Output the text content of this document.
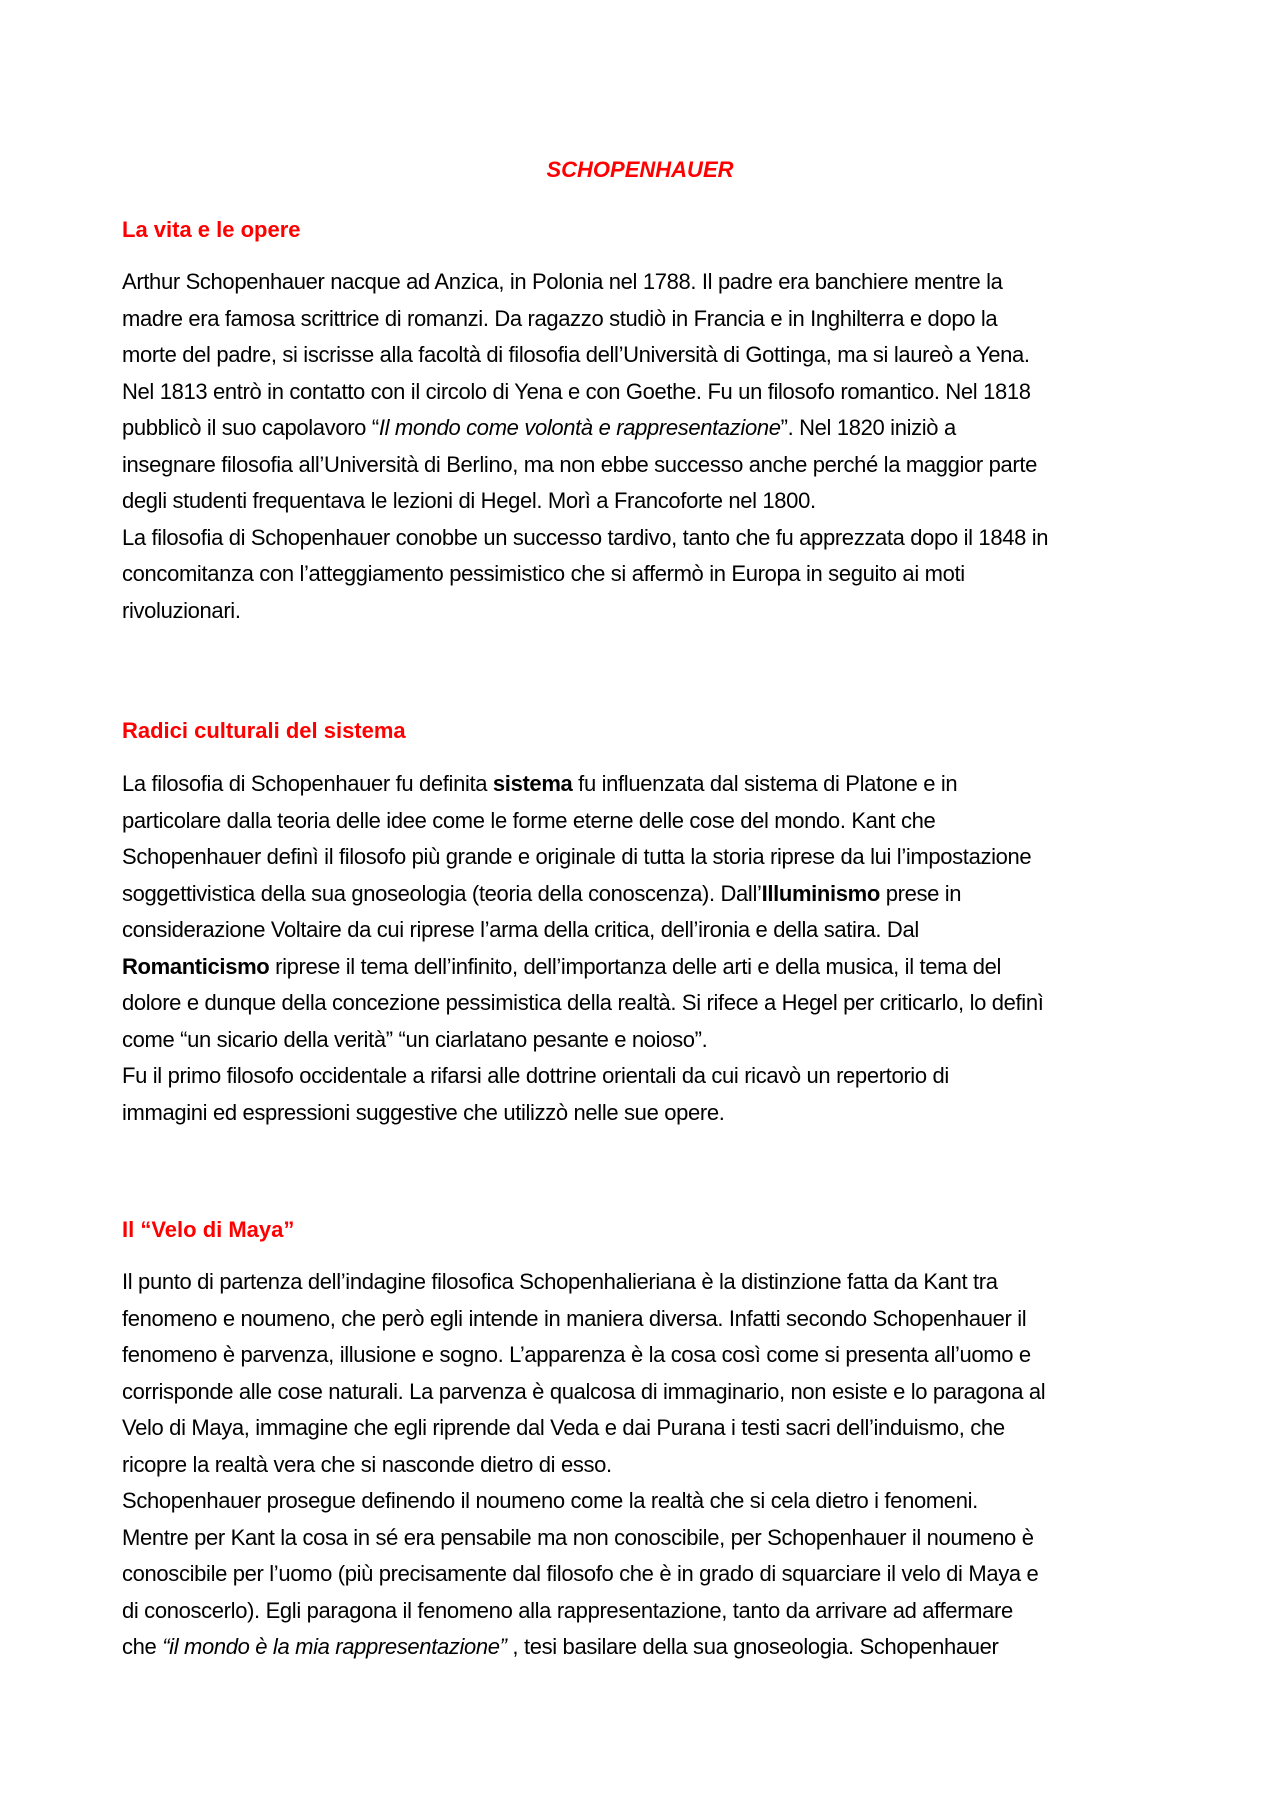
SCHOPENHAUER
La vita e le opere

Arthur Schopenhauer nacque ad Anzica, in Polonia nel 1788. Il padre era banchiere mentre la
madre era famosa scrittrice di romanzi. Da ragazzo studiò in Francia e in Inghilterra e dopo la
morte del padre, si iscrisse alla facoltà di filosofia dell’Università di Gottinga, ma si laureò a Yena.
Nel 1813 entrò in contatto con il circolo di Yena e con Goethe. Fu un filosofo romantico. Nel 1818
pubblicò il suo capolavoro “Il mondo come volontà e rappresentazione”. Nel 1820 iniziò a
insegnare filosofia all’Università di Berlino, ma non ebbe successo anche perché la maggior parte
degli studenti frequentava le lezioni di Hegel. Morì a Francoforte nel 1800.
La filosofia di Schopenhauer conobbe un successo tardivo, tanto che fu apprezzata dopo il 1848 in
concomitanza con l’atteggiamento pessimistico che si affermò in Europa in seguito ai moti
rivoluzionari.

Radici culturali del sistema

La filosofia di Schopenhauer fu definita sistema fu influenzata dal sistema di Platone e in
particolare dalla teoria delle idee come le forme eterne delle cose del mondo. Kant che
Schopenhauer definì il filosofo più grande e originale di tutta la storia riprese da lui l’impostazione
soggettivistica della sua gnoseologia (teoria della conoscenza). Dall’Illuminismo prese in
considerazione Voltaire da cui riprese l’arma della critica, dell’ironia e della satira. Dal
Romanticismo riprese il tema dell’infinito, dell’importanza delle arti e della musica, il tema del
dolore e dunque della concezione pessimistica della realtà. Si rifece a Hegel per criticarlo, lo definì
come “un sicario della verità” “un ciarlatano pesante e noioso”.
Fu il primo filosofo occidentale a rifarsi alle dottrine orientali da cui ricavò un repertorio di
immagini ed espressioni suggestive che utilizzò nelle sue opere.

Il “Velo di Maya”

Il punto di partenza dell’indagine filosofica Schopenhalieriana è la distinzione fatta da Kant tra
fenomeno e noumeno, che però egli intende in maniera diversa. Infatti secondo Schopenhauer il
fenomeno è parvenza, illusione e sogno. L’apparenza è la cosa così come si presenta all’uomo e
corrisponde alle cose naturali. La parvenza è qualcosa di immaginario, non esiste e lo paragona al
Velo di Maya, immagine che egli riprende dal Veda e dai Purana i testi sacri dell’induismo, che
ricopre la realtà vera che si nasconde dietro di esso.
Schopenhauer prosegue definendo il noumeno come la realtà che si cela dietro i fenomeni.
Mentre per Kant la cosa in sé era pensabile ma non conoscibile, per Schopenhauer il noumeno è
conoscibile per l’uomo (più precisamente dal filosofo che è in grado di squarciare il velo di Maya e
di conoscerlo). Egli paragona il fenomeno alla rappresentazione, tanto da arrivare ad affermare
che “il mondo è la mia rappresentazione” , tesi basilare della sua gnoseologia. Schopenhauer
